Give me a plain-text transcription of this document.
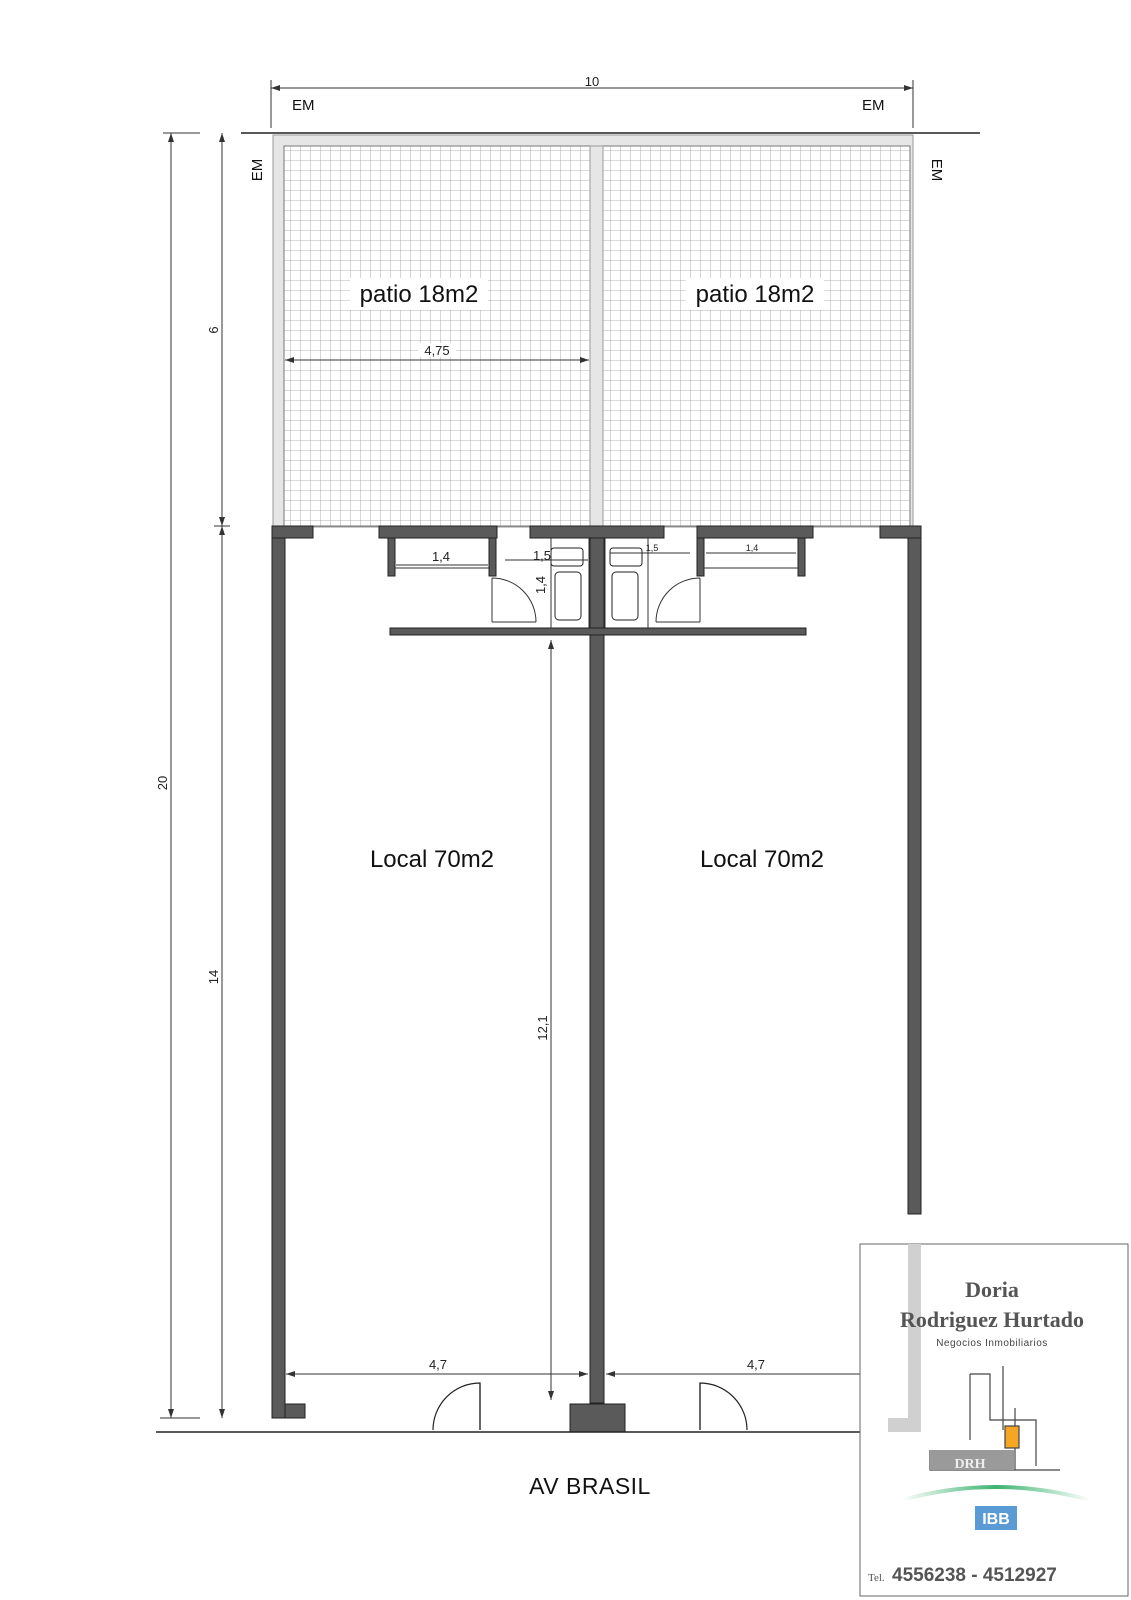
10
EM	EM
EM	EM
20
6
14
patio 18m2	patio 18m2
4,75
1,4	1,5
1,4
1,5	1,4
Local 70m2	Local 70m2
12,1
4,7	4,7
AV BRASIL
Doria
Rodriguez Hurtado
Negocios Inmobiliarios
DRH
IBB
Tel. 4556238 - 4512927
